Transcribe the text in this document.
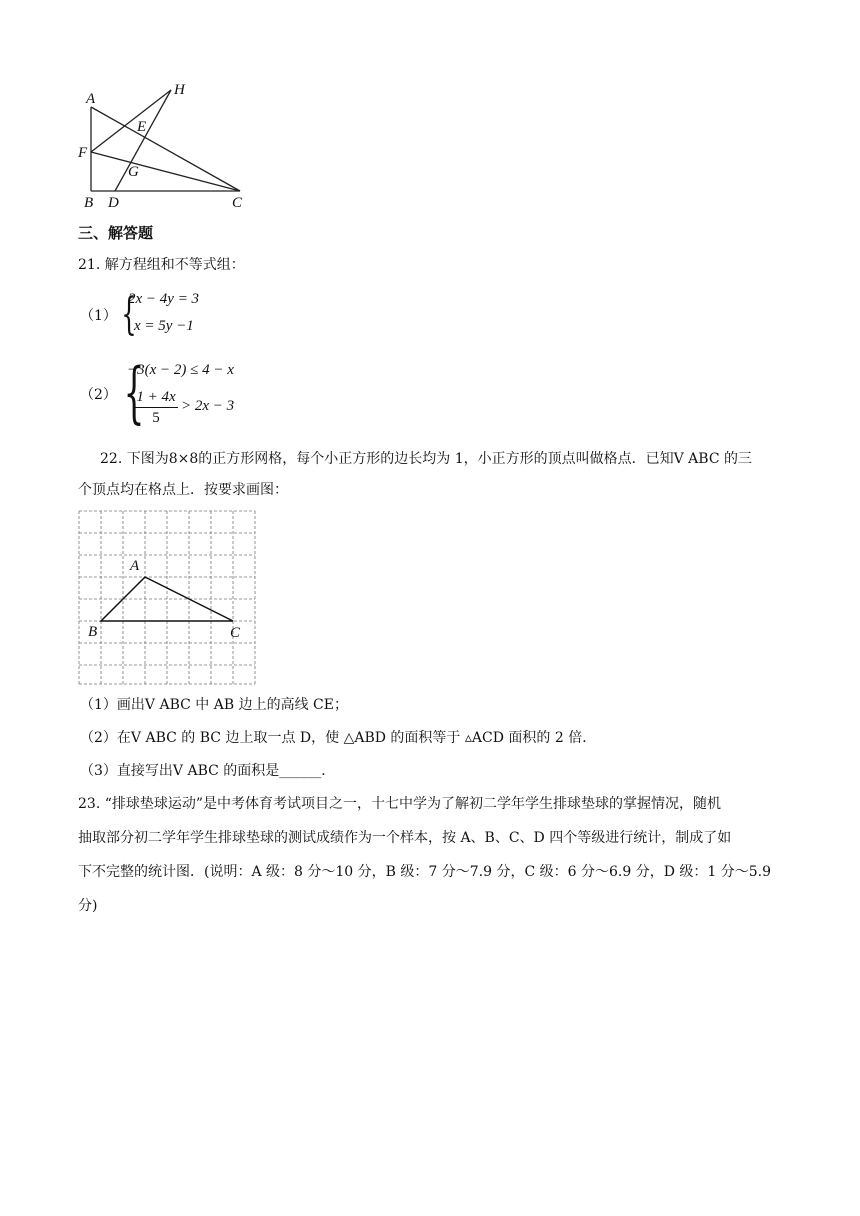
A
H
E
F
G
B D	C
三、解答题
21. 解方程组和不等式组：
（1） {
2x − 4y = 3
x = 5y −1
（2） {
−3(x − 2) ≤ 4 − x
$\frac{1 + 4x}{5} > 2x - 3$
22. 下图为8×8的正方形网格，每个小正方形的边长均为 1，小正方形的顶点叫做格点．已知V ABC 的三
个顶点均在格点上．按要求画图：
A
B	C
（1）画出V ABC 中 AB 边上的高线 CE；
（2）在V ABC 的 BC 边上取一点 D，使 △ABD 的面积等于 ▵ACD 面积的 2 倍．
（3）直接写出V ABC 的面积是______．
23. “排球垫球运动”是中考体育考试项目之一，十七中学为了解初二学年学生排球垫球的掌握情况，随机
抽取部分初二学年学生排球垫球的测试成绩作为一个样本，按 A、B、C、D 四个等级进行统计，制成了如
下不完整的统计图．(说明：A 级：8 分～10 分，B 级：7 分～7.9 分，C 级：6 分～6.9 分，D 级：1 分～5.9
分)
